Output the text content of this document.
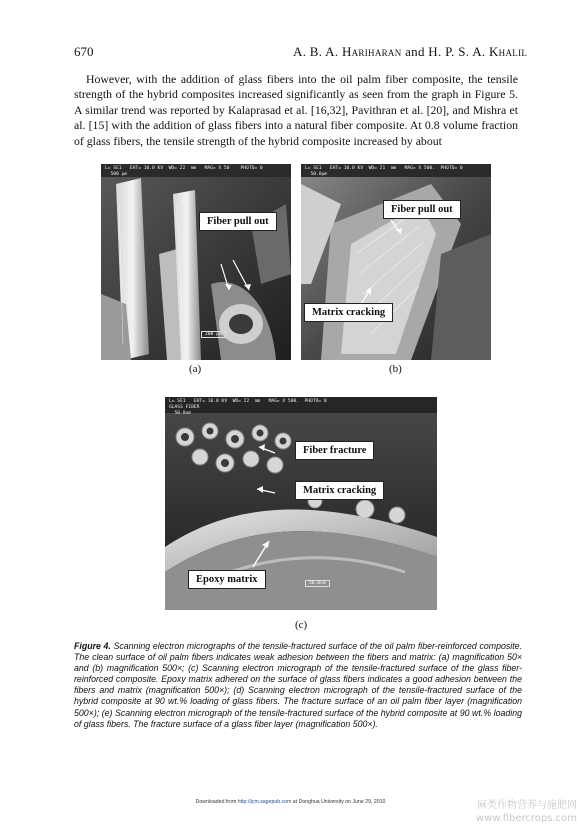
670	A. B. A. Hariharan and H. P. S. A. Khalil
However, with the addition of glass fibers into the oil palm fiber composite, the tensile strength of the hybrid composites increased significantly as seen from the graph in Figure 5. A similar trend was reported by Kalaprasad et al. [16,32], Pavithran et al. [20], and Mishra et al. [15] with the addition of glass fibers into a natural fiber composite. At 0.8 volume fraction of glass fibers, the tensile strength of the hybrid composite increased by about
L= SE1   EHT= 10.0 KV  WD= 22  mm   MAG= X 50    PHOTO= 0
500 μm
Fiber pull out
200 μm
(a)
L= SE1   EHT= 10.0 KV  WD= 21  mm   MAG= X 500.  PHOTO= 0
50.0μm
Fiber pull out
Matrix cracking
(b)
L= SE1   EHT= 10.0 KV  WD= 22  mm   MAG= X 500.  PHOTO= 0
GLASS FIBER
50.0um
Fiber fracture
Matrix cracking
Epoxy matrix	50.0um
(c)
Figure 4. Scanning electron micrographs of the tensile-fractured surface of the oil palm fiber-reinforced composite. The clean surface of oil palm fibers indicates weak adhesion between the fibers and matrix: (a) magnification 50× and (b) magnification 500×; (c) Scanning electron micrograph of the tensile-fractured surface of the glass fiber-reinforced composite. Epoxy matrix adhered on the surface of glass fibers indicates a good adhesion between the fibers and matrix (magnification 500×); (d) Scanning electron micrograph of the tensile-fractured surface of the hybrid composite at 90 wt.% loading of glass fibers. The fracture surface of an oil palm fiber layer (magnification 500×); (e) Scanning electron micrograph of the tensile-fractured surface of the hybrid composite at 90 wt.% loading of glass fibers. The fracture surface of a glass fiber layer (magnification 500×).
Downloaded from http://jcm.sagepub.com at Donghua University on June 29, 2010	麻类作物营养与施肥网
www.fibercrops.com
